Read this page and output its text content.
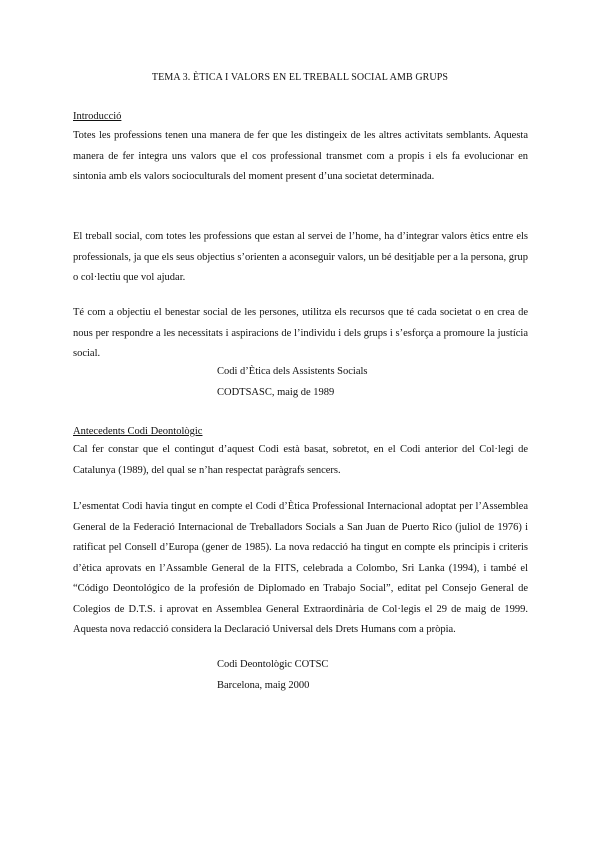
TEMA 3. ÈTICA I VALORS EN EL TREBALL SOCIAL AMB GRUPS
Introducció
Totes les professions tenen una manera de fer que les distingeix de les altres activitats semblants. Aquesta manera de fer integra uns valors que el cos professional transmet com a propis i els fa evolucionar en sintonia amb els valors socioculturals del moment present d’una societat determinada.
El treball social, com totes les professions que estan al servei de l’home, ha d’integrar valors ètics entre els professionals, ja que els seus objectius s’orienten a aconseguir valors, un bé desitjable per a la persona, grup o col·lectiu que vol ajudar.
Té com a objectiu el benestar social de les persones, utilitza els recursos que té cada societat o en crea de nous per respondre a les necessitats i aspiracions de l’individu i dels grups i s’esforça a promoure la justícia social.
Codi d’Ètica dels Assistents Socials
CODTSASC, maig de 1989
Antecedents Codi Deontològic
Cal fer constar que el contingut d’aquest Codi està basat, sobretot, en el Codi anterior del Col·legi de Catalunya (1989), del qual se n’han respectat paràgrafs sencers.
L’esmentat Codi havia tingut en compte el Codi d’Ètica Professional Internacional adoptat per l’Assemblea General de la Federació Internacional de Treballadors Socials a San Juan de Puerto Rico (juliol de 1976) i ratificat pel Consell d’Europa (gener de 1985). La nova redacció ha tingut en compte els principis i criteris d’ètica aprovats en l’Assamble General de la FITS, celebrada a Colombo, Sri Lanka (1994), i també el “Código Deontológico de la profesión de Diplomado en Trabajo Social”, editat pel Consejo General de Colegios de D.T.S. i aprovat en Assemblea General Extraordinària de Col·legis el 29 de maig de 1999. Aquesta nova redacció considera la Declaració Universal dels Drets Humans com a pròpia.
Codi Deontològic COTSC
Barcelona, maig 2000
